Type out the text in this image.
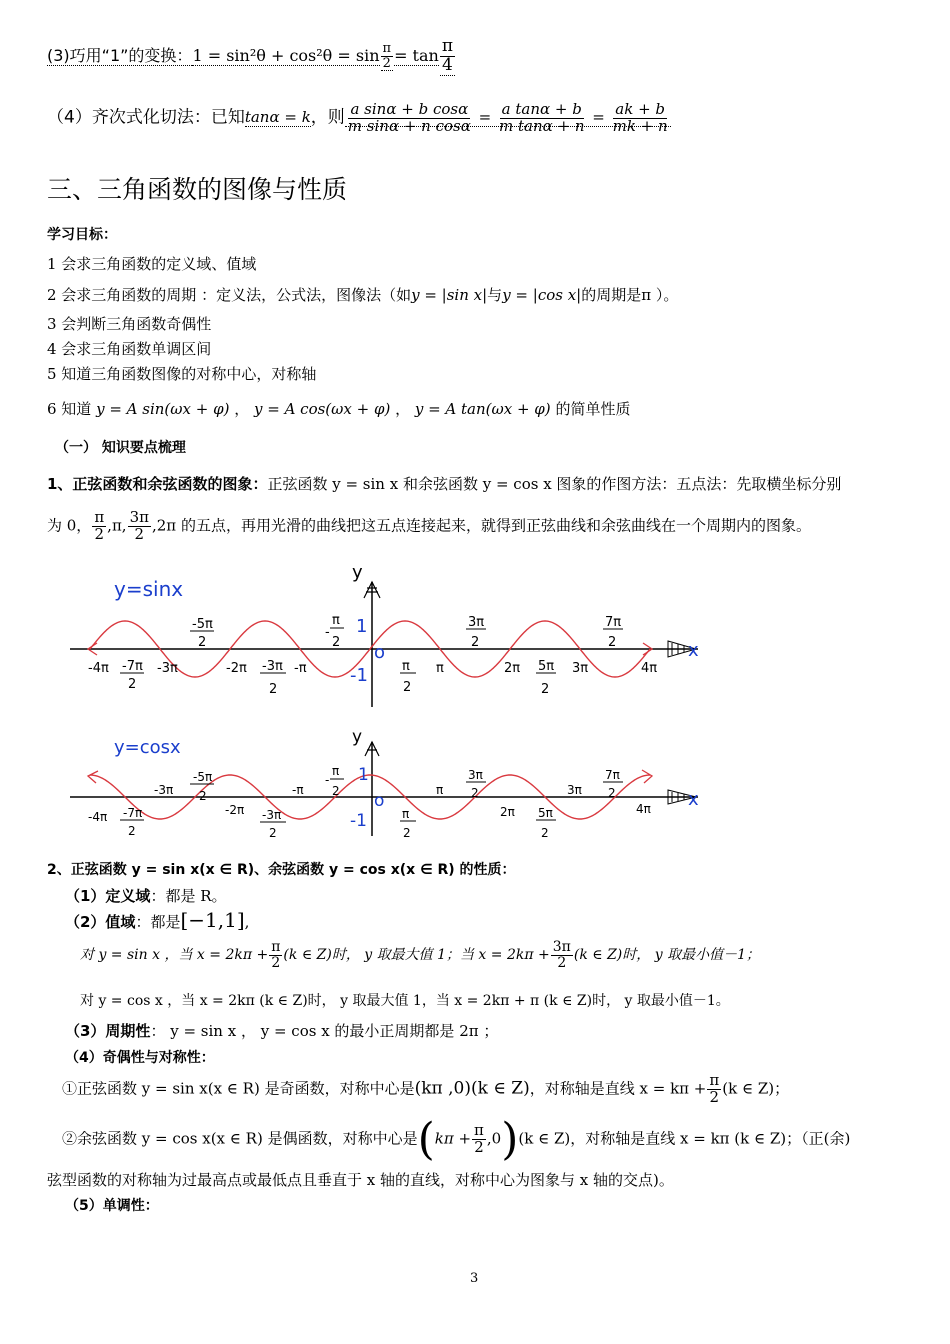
(3)巧用“1”的变换：$1 = \sin^2\theta + \cos^2\theta = \sin \frac{\pi}{2} = \tan \frac{\pi}{4}$
（4）齐次式化切法：已知tanα = k，则 $\frac{\text{a sinα + b cosα}}{\text{m sinα + n cosα}} = \frac{\text{a tanα + b}}{\text{m tanα + n}} = \frac{ak + b}{mk + n}$
三、三角函数的图像与性质
学习目标：
1 会求三角函数的定义域、值域
2 会求三角函数的周期 ：定义法，公式法，图像法（如y = |sin x|与y = |cos x|的周期是π ）。
3 会判断三角函数奇偶性
4 会求三角函数单调区间
5 知道三角函数图像的对称中心，对称轴
6 知道 y = A sin(ωx + φ) ， y = A cos(ωx + φ) ， y = A tan(ωx + φ) 的简单性质
（一） 知识要点梳理
1、正弦函数和余弦函数的图象：正弦函数 y = sin x 和余弦函数 y = cos x 图象的作图方法：五点法：先取横坐标分别
为 0， $\frac{\pi}{2} ,\pi$, $\frac{3\pi}{2} ,2\pi$ 的五点，再用光滑的曲线把这五点连接起来，就得到正弦曲线和余弦曲线在一个周期内的图象。
y=sinx
y
x
o
1
-1
-4π -7π
2
-3π
-5π
2
-2π -3π
2
-π
-
π
2
π
2
π
3π
2
2π 5π
2
3π
7π
2
4π
y=cosx	y
x
o
1
-1
-4π -7π
2
-3π
-5π
2
-2π -3π
2
-π
-
π
2
π
2
π
3π
2
2π 5π
2
3π
7π
2
4π
2、正弦函数 y = sin x(x ∈ R)、余弦函数 y = cos x(x ∈ R) 的性质：
（1）定义域：都是 R。
（2）值域：都是[−1,1],
对 y = sin x ，当 $x = 2k\pi + \frac{\pi}{2} (k$ ∈ Z)时， y 取最大值 1；当 $x = 2k\pi + \frac{3\pi}{2} (k$ ∈ Z)时， y 取最小值－1；
对 y = cos x ，当 x = 2kπ (k ∈ Z)时， y 取最大值 1，当 x = 2kπ + π (k ∈ Z)时， y 取最小值－1。
（3）周期性： y = sin x ， y = cos x 的最小正周期都是 2π ；
（4）奇偶性与对称性：
①正弦函数 y = sin x(x ∈ R) 是奇函数，对称中心是(kπ ,0)(k ∈ Z)，对称轴是直线 $x = k\pi + \frac{\pi}{2} (k$ ∈ Z)；
②余弦函数 y = cos x(x ∈ R) 是偶函数，对称中心是$(k\pi + \frac{\pi}{2} ,0)(k$ ∈ Z)，对称轴是直线 x = kπ (k ∈ Z)；（正(余)
弦型函数的对称轴为过最高点或最低点且垂直于 x 轴的直线，对称中心为图象与 x 轴的交点)。
（5）单调性：
3
